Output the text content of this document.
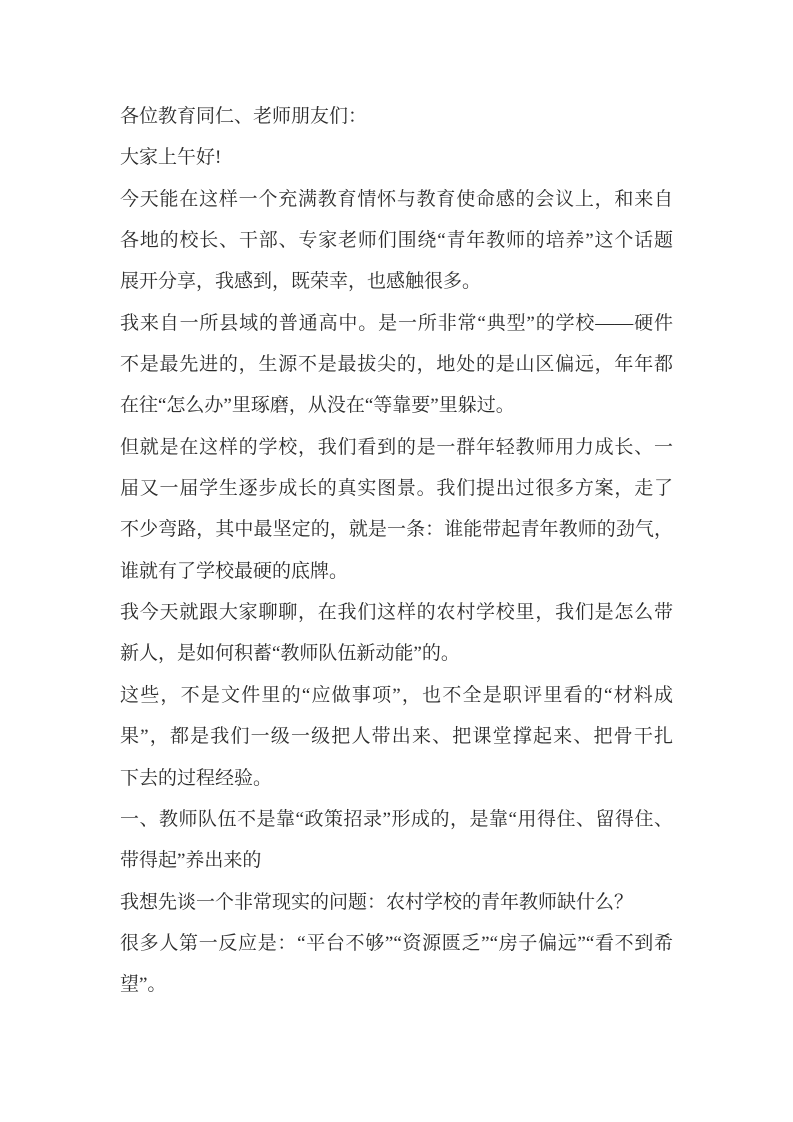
各位教育同仁、老师朋友们：

大家上午好!

今天能在这样一个充满教育情怀与教育使命感的会议上，和来自

各地的校长、干部、专家老师们围绕“青年教师的培养”这个话题

展开分享，我感到，既荣幸，也感触很多。

我来自一所县域的普通高中。是一所非常“典型”的学校——硬件

不是最先进的，生源不是最拔尖的，地处的是山区偏远，年年都

在往“怎么办”里琢磨，从没在“等靠要”里躲过。

但就是在这样的学校，我们看到的是一群年轻教师用力成长、一

届又一届学生逐步成长的真实图景。我们提出过很多方案，走了

不少弯路，其中最坚定的，就是一条：谁能带起青年教师的劲气，

谁就有了学校最硬的底牌。

我今天就跟大家聊聊，在我们这样的农村学校里，我们是怎么带

新人，是如何积蓄“教师队伍新动能”的。

这些，不是文件里的“应做事项”，也不全是职评里看的“材料成

果”，都是我们一级一级把人带出来、把课堂撑起来、把骨干扎

下去的过程经验。

一、教师队伍不是靠“政策招录”形成的，是靠“用得住、留得住、

带得起”养出来的

我想先谈一个非常现实的问题：农村学校的青年教师缺什么？

很多人第一反应是：“平台不够”“资源匮乏”“房子偏远”“看不到希

望”。
